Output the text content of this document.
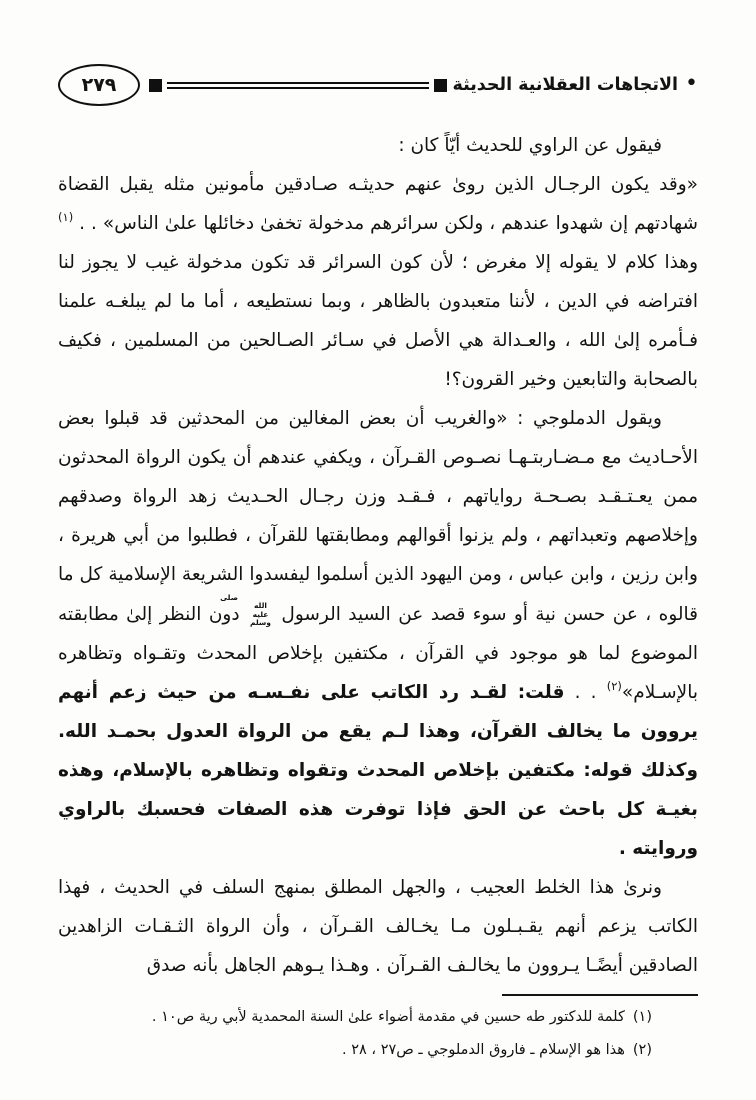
•
الاتجاهات العقلانية الحديثة
٢٧٩

فيقول عن الراوي للحديث أيّاً كان :

«وقد يكون الرجـال الذين روىٰ عنهم حديثـه صـادقين مأمونين مثله يقبل القضاة شهادتهم إن شهدوا عندهم ، ولكن سرائرهم مدخولة تخفىٰ دخائلها علىٰ الناس» . . $^{(١)}$ وهذا كلام لا يقوله إلا مغرض ؛ لأن كون السرائر قد تكون مدخولة غيب لا يجوز لنا افتراضه في الدين ، لأننا متعبدون بالظاهر ، وبما نستطيعه ، أما ما لم يبلغـه علمنا فـأمره إلىٰ الله ، والعـدالة هي الأصل في سـائر الصـالحين من المسلمين ، فكيف بالصحابة والتابعين وخير القرون؟!

ويقول الدملوجي : «والغريب أن بعض المغالين من المحدثين قد قبلوا بعض الأحـاديث مع مـضـاربتـهـا نصـوص القـرآن ، ويكفي عندهم أن يكون الرواة المحدثون ممن يعـتـقـد بصـحـة رواياتهم ، فـقـد وزن رجـال الحـديث زهد الرواة وصدقهم وإخلاصهم وتعبداتهم ، ولم يزنوا أقوالهم ومطابقتها للقرآن ، فطلبوا من أبي هريرة ، وابن رزين ، وابن عباس ، ومن اليهود الذين أسلموا ليفسدوا الشريعة الإسلامية كل ما قالوه ، عن حسن نية أو سوء قصد عن السيد الرسول صلى الله عليه وسلم دون النظر إلىٰ مطابقته الموضوع لما هو موجود في القرآن ، مكتفين بإخلاص المحدث وتقـواه وتظاهره بالإسـلام»$^{(٢)}$ . . قلت: لقـد رد الكاتب على نفـسـه من حيث زعم أنهم يروون ما يخالف القرآن، وهذا لـم يقع من الرواة العدول بحمـد الله. وكذلك قوله: مكتفين بإخلاص المحدث وتقواه وتظاهره بالإسلام، وهذه بغيـة كل باحث عن الحق فإذا توفرت هذه الصفات فحسبك بالراوي وروايته .

ونرىٰ هذا الخلط العجيب ، والجهل المطلق بمنهج السلف في الحديث ، فهذا الكاتب يزعم أنهم يقـبـلون مـا يخـالف القـرآن ، وأن الرواة الثـقـات الزاهدين الصادقين أيضًـا يـروون ما يخالـف القـرآن . وهـذا يـوهم الجاهل بأنه صدق

(١)كلمة للدكتور طه حسين في مقدمة أضواء علىٰ السنة المحمدية لأبي رية ص١٠ .
(٢)هذا هو الإسلام ـ فاروق الدملوجي ـ ص٢٧ ، ٢٨ .
